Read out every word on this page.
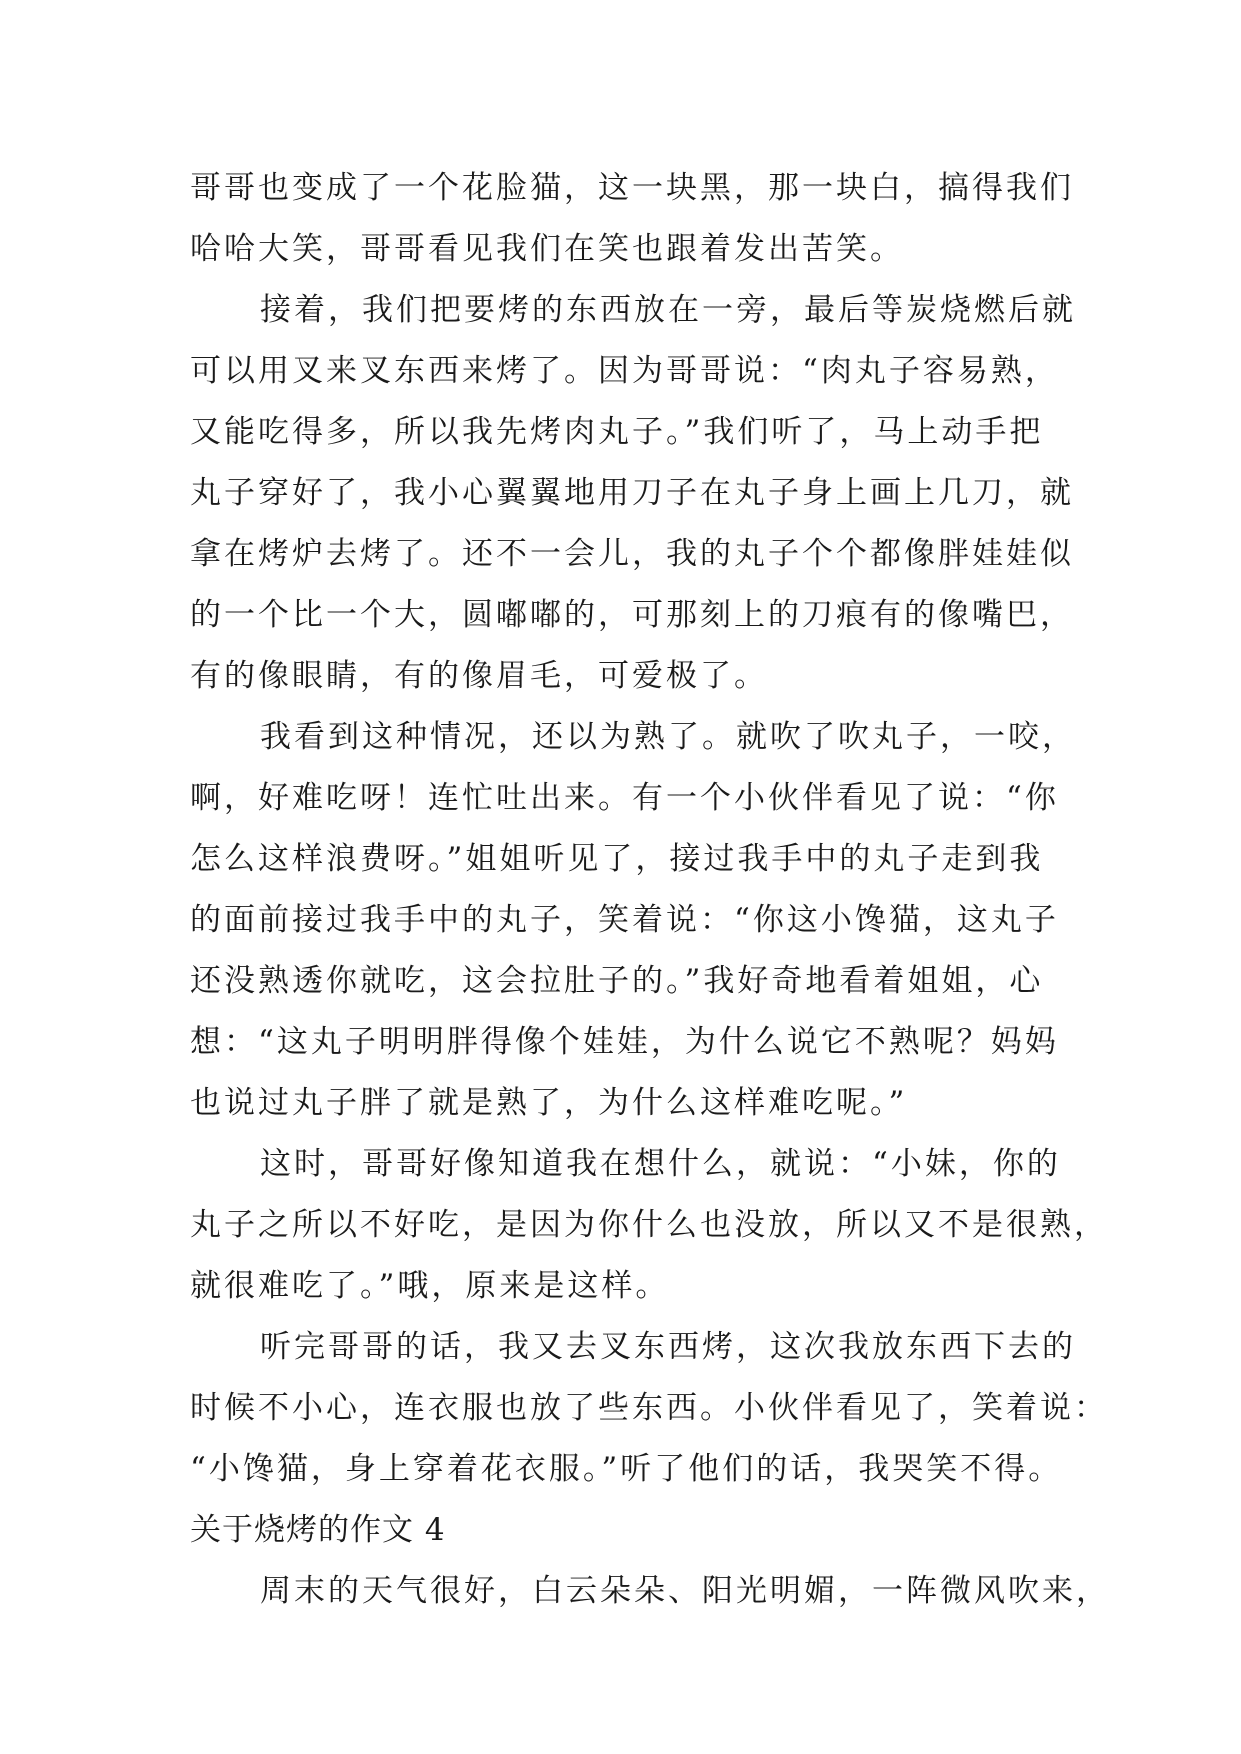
哥哥也变成了一个花脸猫，这一块黑，那一块白，搞得我们
哈哈大笑，哥哥看见我们在笑也跟着发出苦笑。
接着，我们把要烤的东西放在一旁，最后等炭烧燃后就
可以用叉来叉东西来烤了。因为哥哥说：“肉丸子容易熟，
又能吃得多，所以我先烤肉丸子。”我们听了，马上动手把
丸子穿好了，我小心翼翼地用刀子在丸子身上画上几刀，就
拿在烤炉去烤了。还不一会儿，我的丸子个个都像胖娃娃似
的一个比一个大，圆嘟嘟的，可那刻上的刀痕有的像嘴巴，
有的像眼睛，有的像眉毛，可爱极了。
我看到这种情况，还以为熟了。就吹了吹丸子，一咬，
啊，好难吃呀！连忙吐出来。有一个小伙伴看见了说：“你
怎么这样浪费呀。”姐姐听见了，接过我手中的丸子走到我
的面前接过我手中的丸子，笑着说：“你这小馋猫，这丸子
还没熟透你就吃，这会拉肚子的。”我好奇地看着姐姐，心
想：“这丸子明明胖得像个娃娃，为什么说它不熟呢？妈妈
也说过丸子胖了就是熟了，为什么这样难吃呢。”
这时，哥哥好像知道我在想什么，就说：“小妹，你的
丸子之所以不好吃，是因为你什么也没放，所以又不是很熟，
就很难吃了。”哦，原来是这样。
听完哥哥的话，我又去叉东西烤，这次我放东西下去的
时候不小心，连衣服也放了些东西。小伙伴看见了，笑着说：
“小馋猫，身上穿着花衣服。”听了他们的话，我哭笑不得。
关于烧烤的作文 4
周末的天气很好，白云朵朵、阳光明媚，一阵微风吹来，
